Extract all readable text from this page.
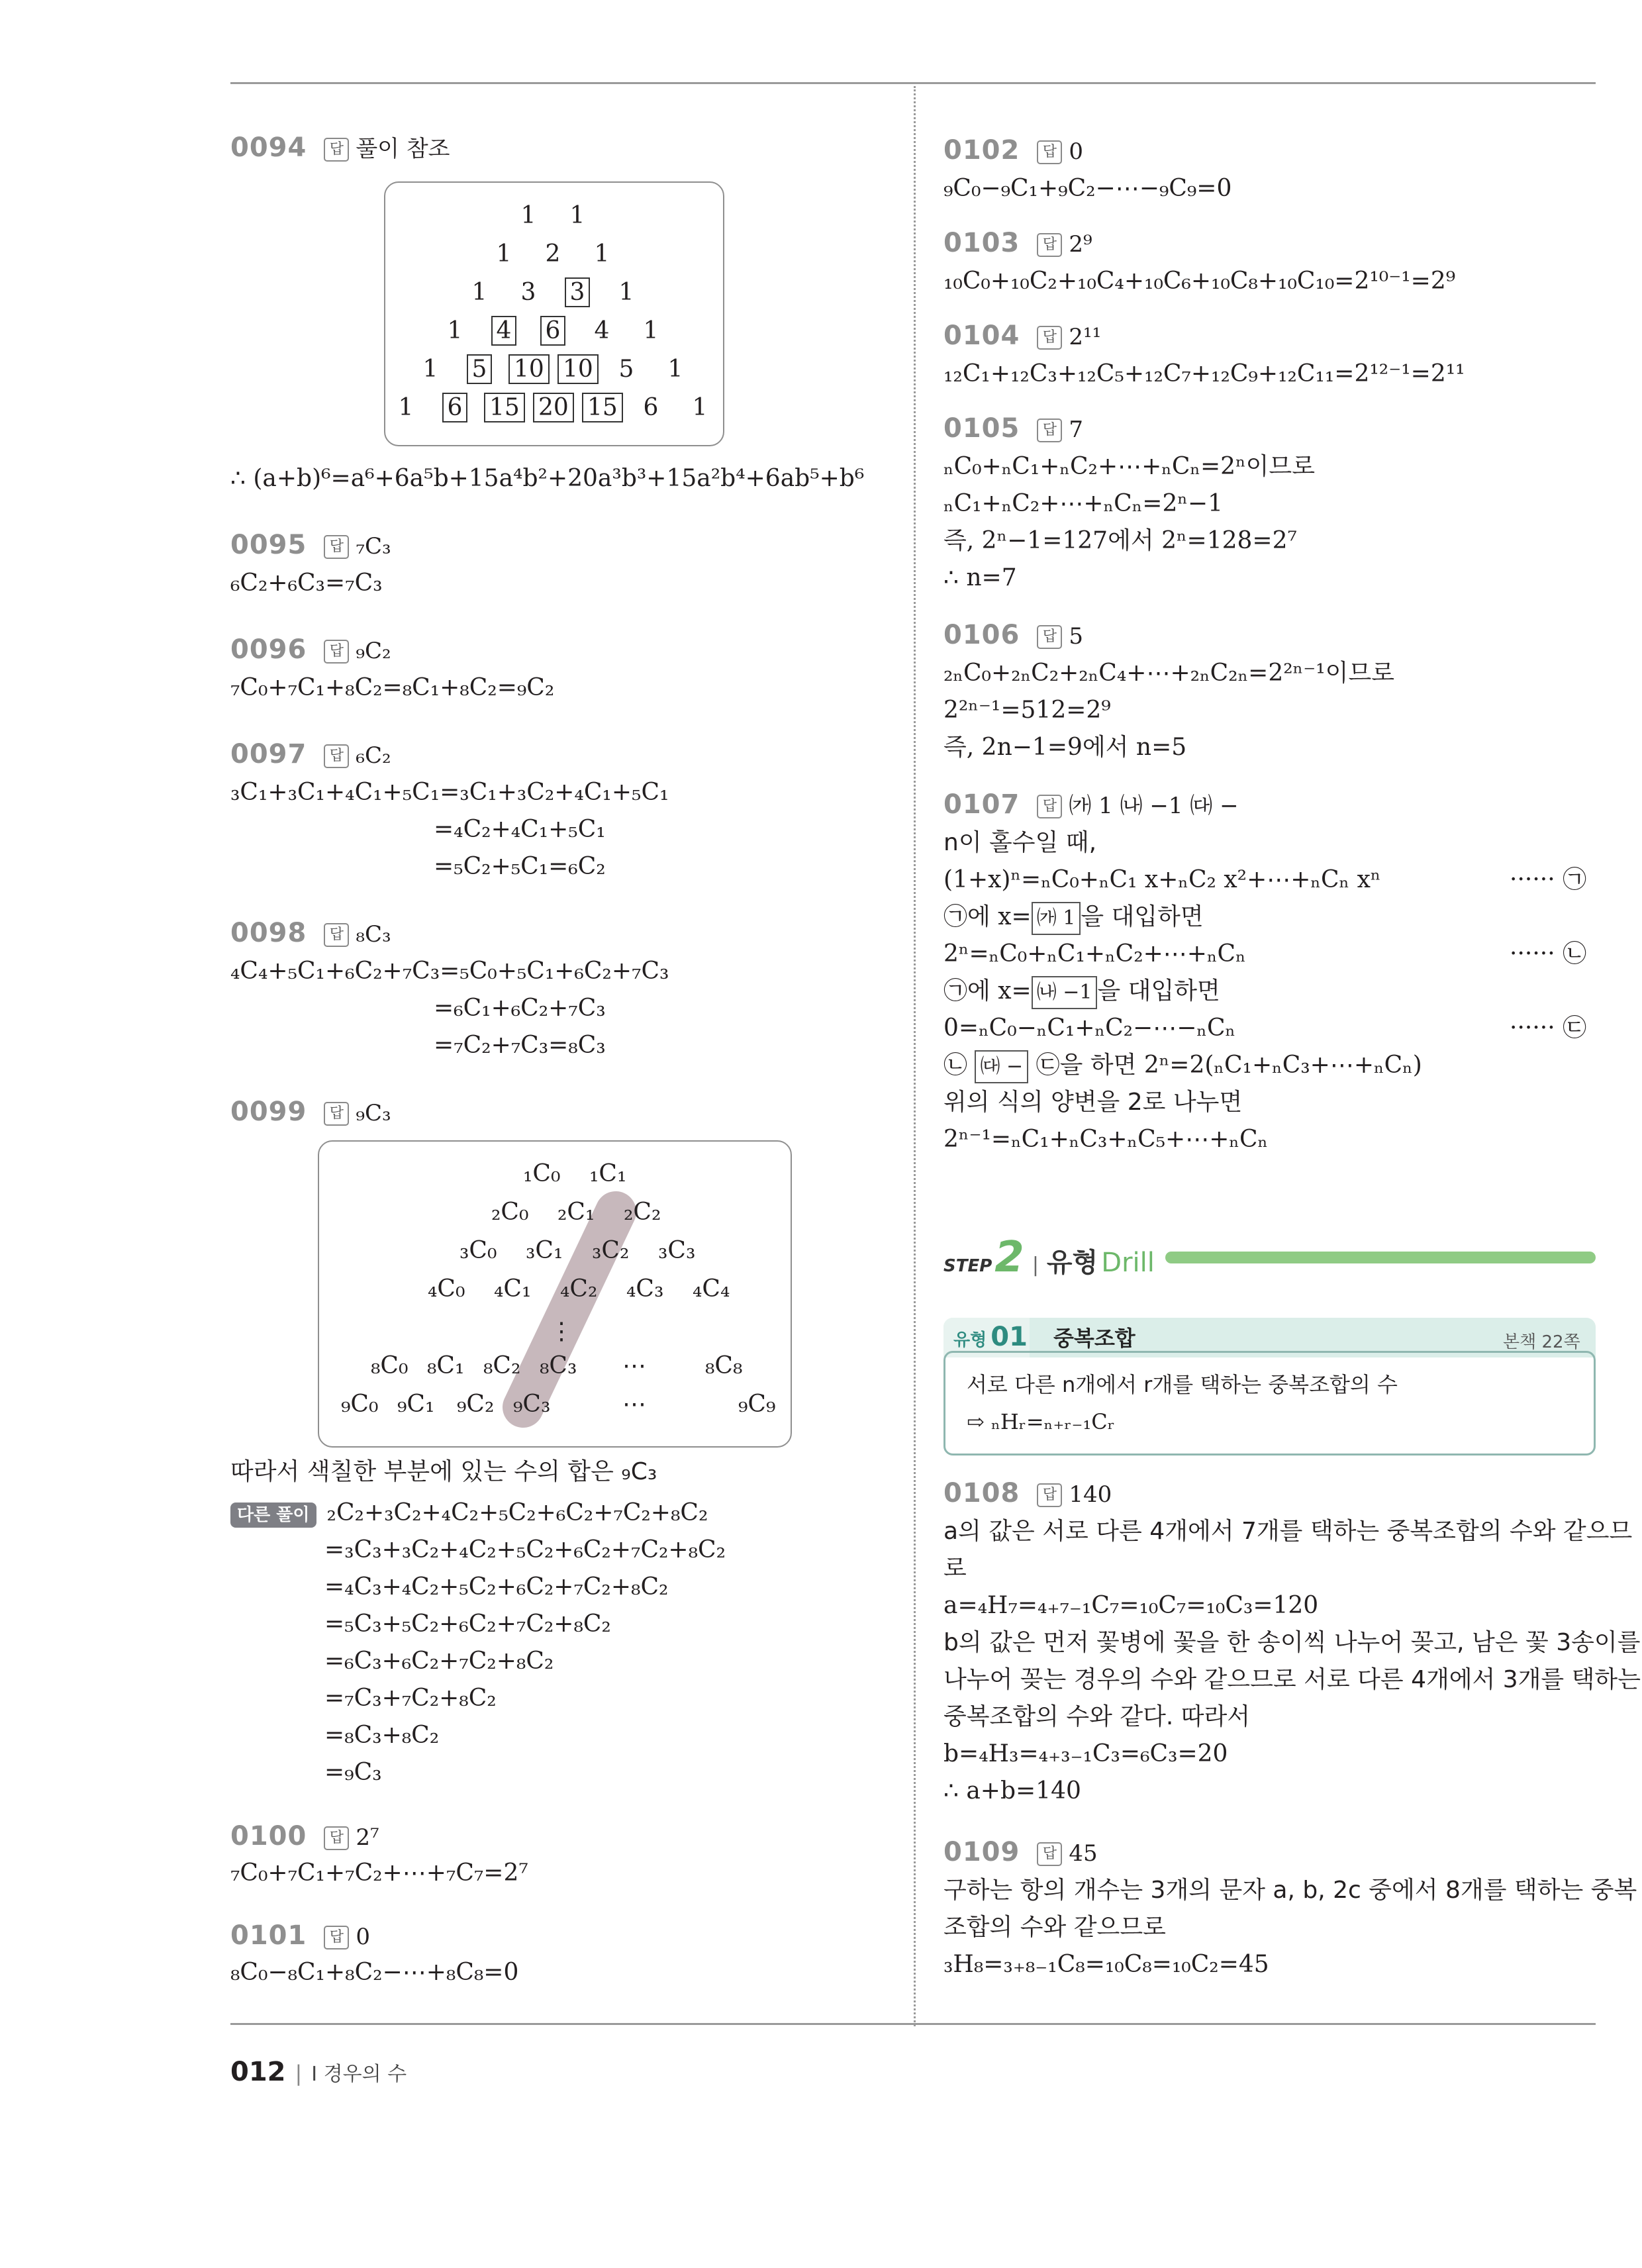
0094 답 풀이 참조
1	1
1	2	1
1	3	3	1
1	4	6	4	1
1	5	10 10	5	1
1	6	15 20 15	6	1
∴ (a+b)⁶=a⁶+6a⁵b+15a⁴b²+20a³b³+15a²b⁴+6ab⁵+b⁶
0095 답 ₇C₃
₆C₂+₆C₃=₇C₃
0096 답 ₉C₂
₇C₀+₇C₁+₈C₂=₈C₁+₈C₂=₉C₂
0097 답 ₆C₂
₃C₁+₃C₁+₄C₁+₅C₁=₃C₁+₃C₂+₄C₁+₅C₁
=₄C₂+₄C₁+₅C₁
=₅C₂+₅C₁=₆C₂
0098 답 ₈C₃
₄C₄+₅C₁+₆C₂+₇C₃=₅C₀+₅C₁+₆C₂+₇C₃
=₆C₁+₆C₂+₇C₃
=₇C₂+₇C₃=₈C₃
0099 답 ₉C₃
₁C₀ ₁C₁
₂C₀ ₂C₁ ₂C₂
₃C₀ ₃C₁ ₃C₂ ₃C₃
₄C₀ ₄C₁ ₄C₂ ₄C₃ ₄C₄
⋮
₈C₀ ₈C₁ ₈C₂ ₈C₃ ⋯ ₈C₈
₉C₀ ₉C₁ ₉C₂ ₉C₃	⋯	₉C₉
따라서 색칠한 부분에 있는 수의 합은 ₉C₃
다른 풀이 ₂C₂+₃C₂+₄C₂+₅C₂+₆C₂+₇C₂+₈C₂
=₃C₃+₃C₂+₄C₂+₅C₂+₆C₂+₇C₂+₈C₂
=₄C₃+₄C₂+₅C₂+₆C₂+₇C₂+₈C₂
=₅C₃+₅C₂+₆C₂+₇C₂+₈C₂
=₆C₃+₆C₂+₇C₂+₈C₂
=₇C₃+₇C₂+₈C₂
=₈C₃+₈C₂
=₉C₃
0100 답 2⁷
₇C₀+₇C₁+₇C₂+⋯+₇C₇=2⁷
0101 답 0
₈C₀−₈C₁+₈C₂−⋯+₈C₈=0
0102 답 0
₉C₀−₉C₁+₉C₂−⋯−₉C₉=0
0103 답 2⁹
₁₀C₀+₁₀C₂+₁₀C₄+₁₀C₆+₁₀C₈+₁₀C₁₀=2¹⁰⁻¹=2⁹
0104 답 2¹¹
₁₂C₁+₁₂C₃+₁₂C₅+₁₂C₇+₁₂C₉+₁₂C₁₁=2¹²⁻¹=2¹¹
0105 답 7
ₙC₀+ₙC₁+ₙC₂+⋯+ₙCₙ=2ⁿ이므로
ₙC₁+ₙC₂+⋯+ₙCₙ=2ⁿ−1
즉, 2ⁿ−1=127에서 2ⁿ=128=2⁷
∴ n=7
0106 답 5
₂ₙC₀+₂ₙC₂+₂ₙC₄+⋯+₂ₙC₂ₙ=2²ⁿ⁻¹이므로
2²ⁿ⁻¹=512=2⁹
즉, 2n−1=9에서 n=5
0107 답 ㈎ 1 ㈏ −1 ㈐ −
n이 홀수일 때,
(1+x)ⁿ=ₙC₀+ₙC₁ x+ₙC₂ x²+⋯+ₙCₙ xⁿ	······ ㉠
㉠에 x= ㈎ 1 을 대입하면
2ⁿ=ₙC₀+ₙC₁+ₙC₂+⋯+ₙCₙ	······ ㉡
㉠에 x= ㈏ −1 을 대입하면
0=ₙC₀−ₙC₁+ₙC₂−⋯−ₙCₙ	······ ㉢
㉡ ㈐ − ㉢을 하면 2ⁿ=2(ₙC₁+ₙC₃+⋯+ₙCₙ)
위의 식의 양변을 2로 나누면
2ⁿ⁻¹=ₙC₁+ₙC₃+ₙC₅+⋯+ₙCₙ
STEP2 | 유형 Drill
유형 01 중복조합	본책 22쪽
서로 다른 n개에서 r개를 택하는 중복조합의 수
⇨ ₙHᵣ=ₙ₊ᵣ₋₁Cᵣ
0108 답 140
a의 값은 서로 다른 4개에서 7개를 택하는 중복조합의 수와 같으므
로
a=₄H₇=₄₊₇₋₁C₇=₁₀C₇=₁₀C₃=120
b의 값은 먼저 꽃병에 꽃을 한 송이씩 나누어 꽂고, 남은 꽃 3송이를
나누어 꽂는 경우의 수와 같으므로 서로 다른 4개에서 3개를 택하는
중복조합의 수와 같다. 따라서
b=₄H₃=₄₊₃₋₁C₃=₆C₃=20
∴ a+b=140
0109 답 45
구하는 항의 개수는 3개의 문자 a, b, 2c 중에서 8개를 택하는 중복
조합의 수와 같으므로
₃H₈=₃₊₈₋₁C₈=₁₀C₈=₁₀C₂=45
012 | Ⅰ 경우의 수
